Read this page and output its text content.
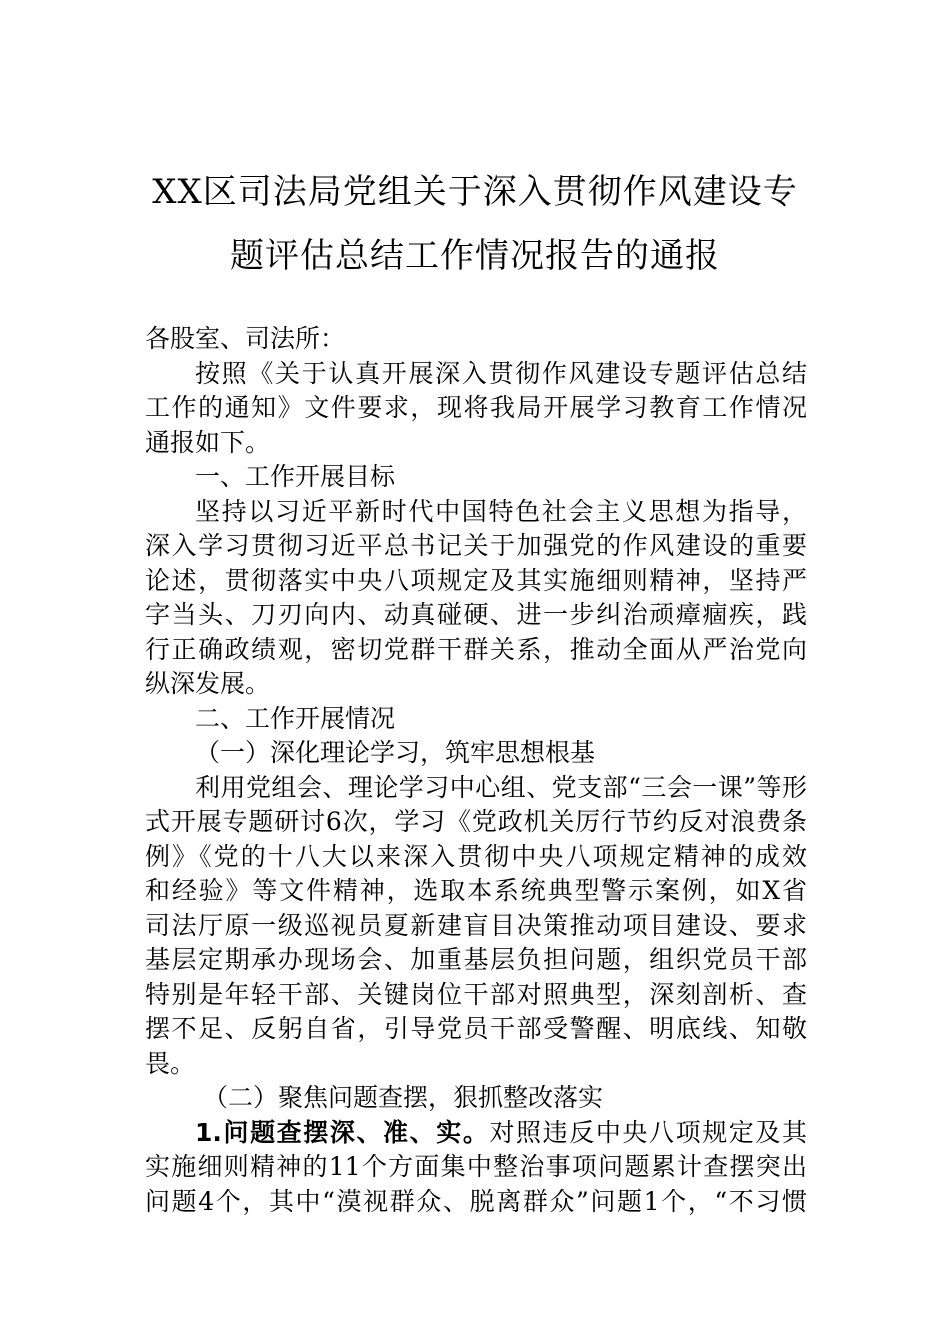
XX区司法局党组关于深入贯彻作风建设专
题评估总结工作情况报告的通报
各股室、司法所：
按照《关于认真开展深入贯彻作风建设专题评估总结
工作的通知》文件要求，现将我局开展学习教育工作情况
通报如下。
一、工作开展目标
坚持以习近平新时代中国特色社会主义思想为指导，
深入学习贯彻习近平总书记关于加强党的作风建设的重要
论述，贯彻落实中央八项规定及其实施细则精神，坚持严
字当头、刀刃向内、动真碰硬、进一步纠治顽瘴痼疾，践
行正确政绩观，密切党群干群关系，推动全面从严治党向
纵深发展。
二、工作开展情况
（一）深化理论学习，筑牢思想根基
利用党组会、理论学习中心组、党支部“三会一课”等形
式开展专题研讨6次，学习《党政机关厉行节约反对浪费条
例》《党的十八大以来深入贯彻中央八项规定精神的成效
和经验》等文件精神，选取本系统典型警示案例，如X省
司法厅原一级巡视员夏新建盲目决策推动项目建设、要求
基层定期承办现场会、加重基层负担问题，组织党员干部
特别是年轻干部、关键岗位干部对照典型，深刻剖析、查
摆不足、反躬自省，引导党员干部受警醒、明底线、知敬
畏。
（二）聚焦问题查摆，狠抓整改落实
1.问题查摆深、准、实。对照违反中央八项规定及其
实施细则精神的11个方面集中整治事项问题累计查摆突出
问题4个，其中“漠视群众、脱离群众”问题1个，“不习惯
